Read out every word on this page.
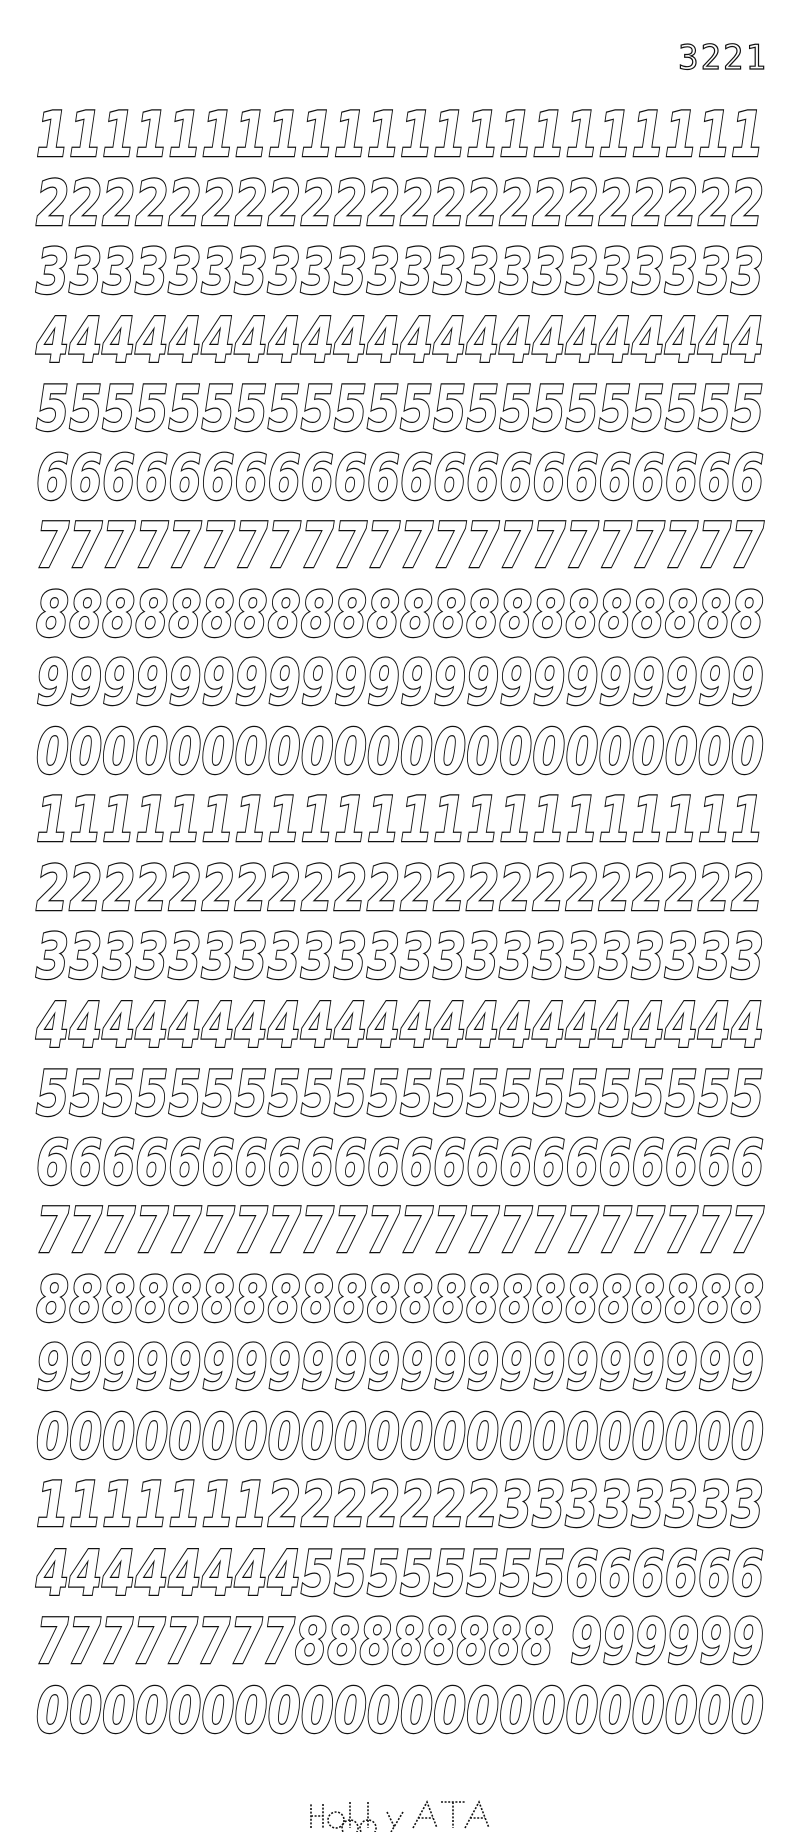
3221
1111111111111111111111
2222222222222222222222
3333333333333333333333
4444444444444444444444
5555555555555555555555
6666666666666666666666
7777777777777777777777
8888888888888888888888
9999999999999999999999
0000000000000000000000
1111111111111111111111
2222222222222222222222
3333333333333333333333
4444444444444444444444
5555555555555555555555
6666666666666666666666
7777777777777777777777
8888888888888888888888
9999999999999999999999
0000000000000000000000
1111111222222233333333
4444444455555555666666
7777777788888888 999999
0000000000000000000000
